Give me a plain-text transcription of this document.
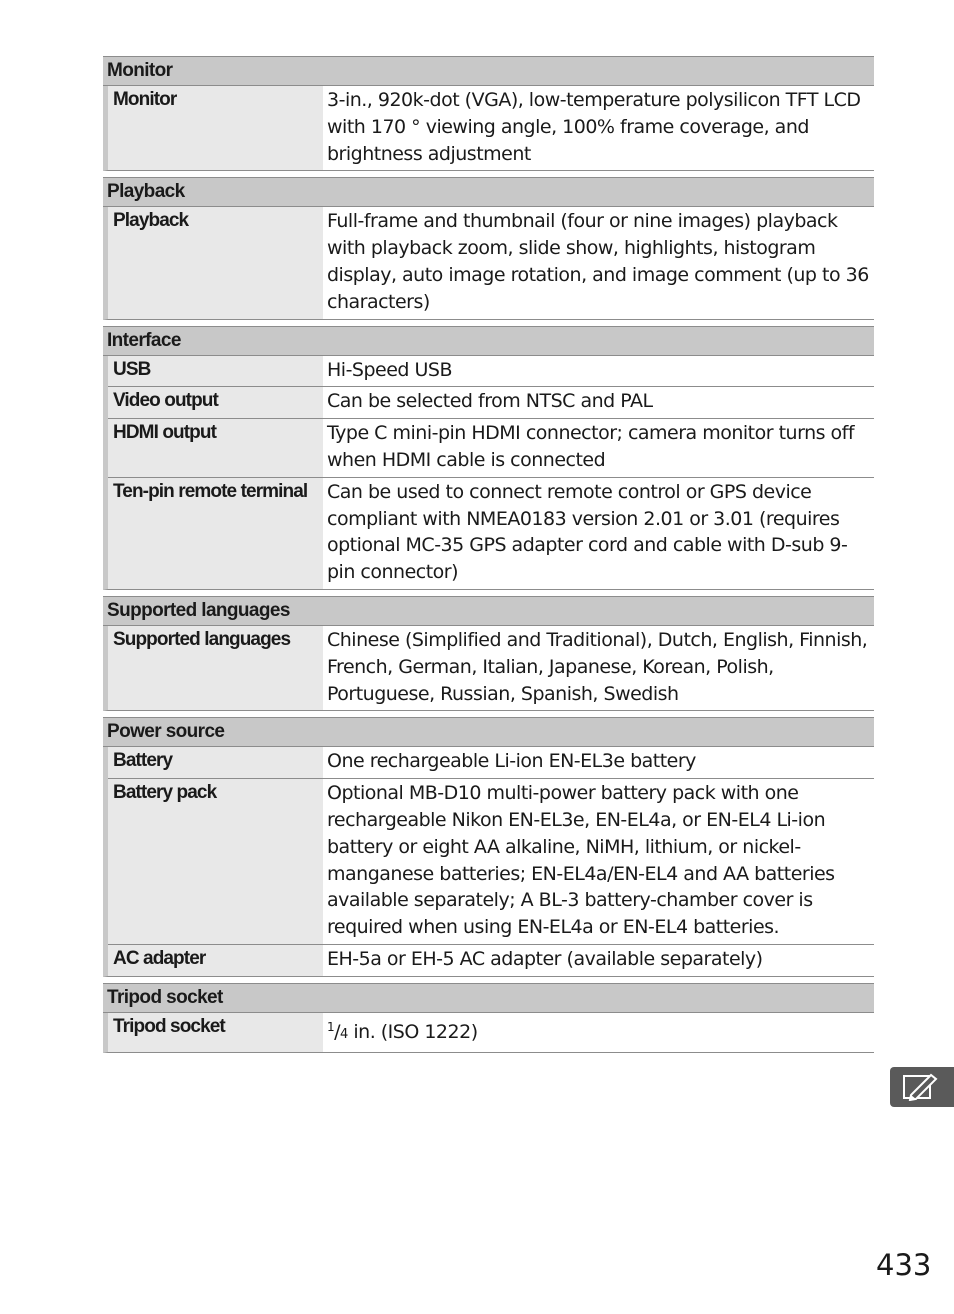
Monitor
Monitor	3-in., 920k-dot (VGA), low-temperature polysilicon TFT LCD with 170 ° viewing angle, 100% frame coverage, and brightness adjustment
Playback
Playback	Full-frame and thumbnail (four or nine images) playback with playback zoom, slide show, highlights, histogram display, auto image rotation, and image comment (up to 36 characters)
Interface
USB	Hi-Speed USB
Video output	Can be selected from NTSC and PAL
HDMI output	Type C mini-pin HDMI connector; camera monitor turns off when HDMI cable is connected
Ten-pin remote terminal	Can be used to connect remote control or GPS device compliant with NMEA0183 version 2.01 or 3.01 (requires optional MC-35 GPS adapter cord and cable with D-sub 9-pin connector)
Supported languages
Supported languages	Chinese (Simplified and Traditional), Dutch, English, Finnish, French, German, Italian, Japanese, Korean, Polish, Portuguese, Russian, Spanish, Swedish
Power source
Battery	One rechargeable Li-ion EN-EL3e battery
Battery pack	Optional MB-D10 multi-power battery pack with one rechargeable Nikon EN-EL3e, EN-EL4a, or EN-EL4 Li-ion battery or eight AA alkaline, NiMH, lithium, or nickel-manganese batteries; EN-EL4a/EN-EL4 and AA batteries available separately; A BL-3 battery-chamber cover is required when using EN-EL4a or EN-EL4 batteries.
AC adapter	EH-5a or EH-5 AC adapter (available separately)
Tripod socket
Tripod socket	$^1$/4 in. (ISO 1222)
433
